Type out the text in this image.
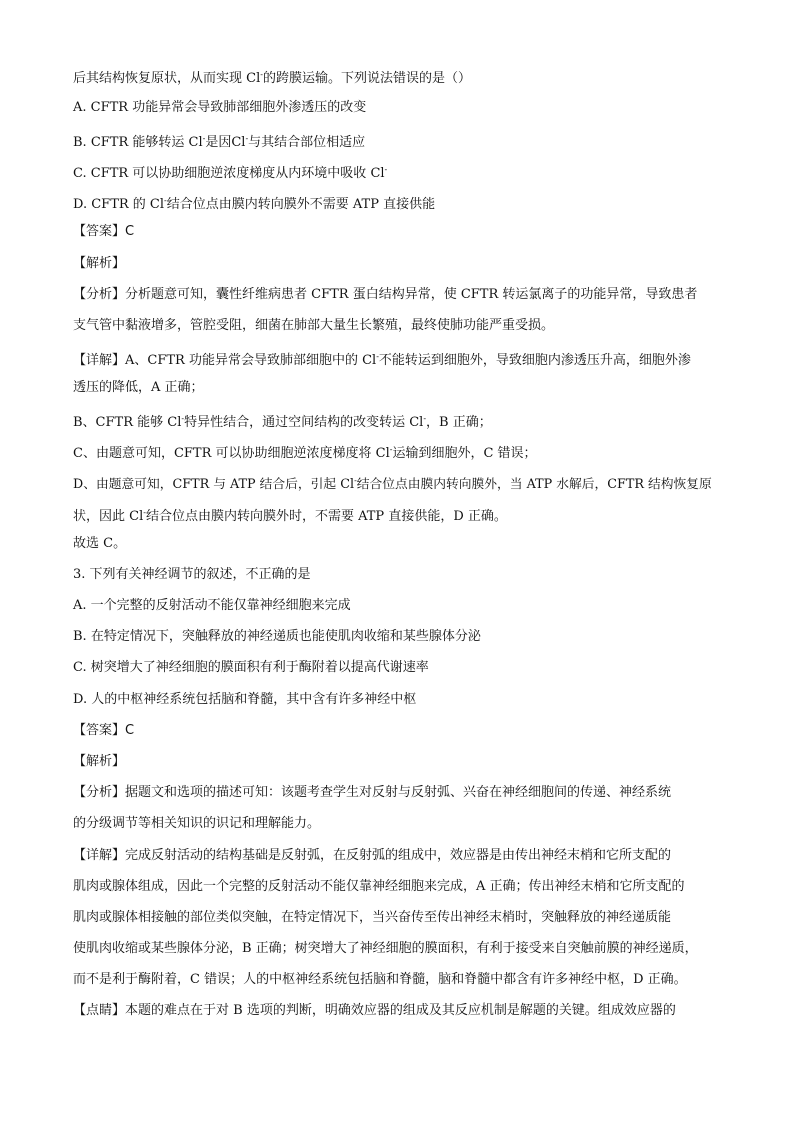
后其结构恢复原状，从而实现 Cl-的跨膜运输。下列说法错误的是（）
A. CFTR 功能异常会导致肺部细胞外渗透压的改变
B. CFTR 能够转运 Cl-是因Cl-与其结合部位相适应
C. CFTR 可以协助细胞逆浓度梯度从内环境中吸收 Cl-
D. CFTR 的 Cl-结合位点由膜内转向膜外不需要 ATP 直接供能
【答案】C
【解析】
【分析】分析题意可知，囊性纤维病患者 CFTR 蛋白结构异常，使 CFTR 转运氯离子的功能异常，导致患者
支气管中黏液增多，管腔受阻，细菌在肺部大量生长繁殖，最终使肺功能严重受损。
【详解】A、CFTR 功能异常会导致肺部细胞中的 Cl-不能转运到细胞外，导致细胞内渗透压升高，细胞外渗
透压的降低，A 正确；
B、CFTR 能够 Cl-特异性结合，通过空间结构的改变转运 Cl-，B 正确；
C、由题意可知，CFTR 可以协助细胞逆浓度梯度将 Cl-运输到细胞外，C 错误；
D、由题意可知，CFTR 与 ATP 结合后，引起 Cl-结合位点由膜内转向膜外，当 ATP 水解后，CFTR 结构恢复原
状，因此 Cl-结合位点由膜内转向膜外时，不需要 ATP 直接供能，D 正确。
故选 C。
3. 下列有关神经调节的叙述，不正确的是
A. 一个完整的反射活动不能仅靠神经细胞来完成
B. 在特定情况下，突触释放的神经递质也能使肌肉收缩和某些腺体分泌
C. 树突增大了神经细胞的膜面积有利于酶附着以提高代谢速率
D. 人的中枢神经系统包括脑和脊髓，其中含有许多神经中枢
【答案】C
【解析】
【分析】据题文和选项的描述可知：该题考查学生对反射与反射弧、兴奋在神经细胞间的传递、神经系统
的分级调节等相关知识的识记和理解能力。
【详解】完成反射活动的结构基础是反射弧，在反射弧的组成中，效应器是由传出神经末梢和它所支配的
肌肉或腺体组成，因此一个完整的反射活动不能仅靠神经细胞来完成，A 正确；传出神经末梢和它所支配的
肌肉或腺体相接触的部位类似突触，在特定情况下，当兴奋传至传出神经末梢时，突触释放的神经递质能
使肌肉收缩或某些腺体分泌，B 正确；树突增大了神经细胞的膜面积，有利于接受来自突触前膜的神经递质，
而不是利于酶附着，C 错误；人的中枢神经系统包括脑和脊髓，脑和脊髓中都含有许多神经中枢，D 正确。
【点睛】本题的难点在于对 B 选项的判断，明确效应器的组成及其反应机制是解题的关键。组成效应器的
